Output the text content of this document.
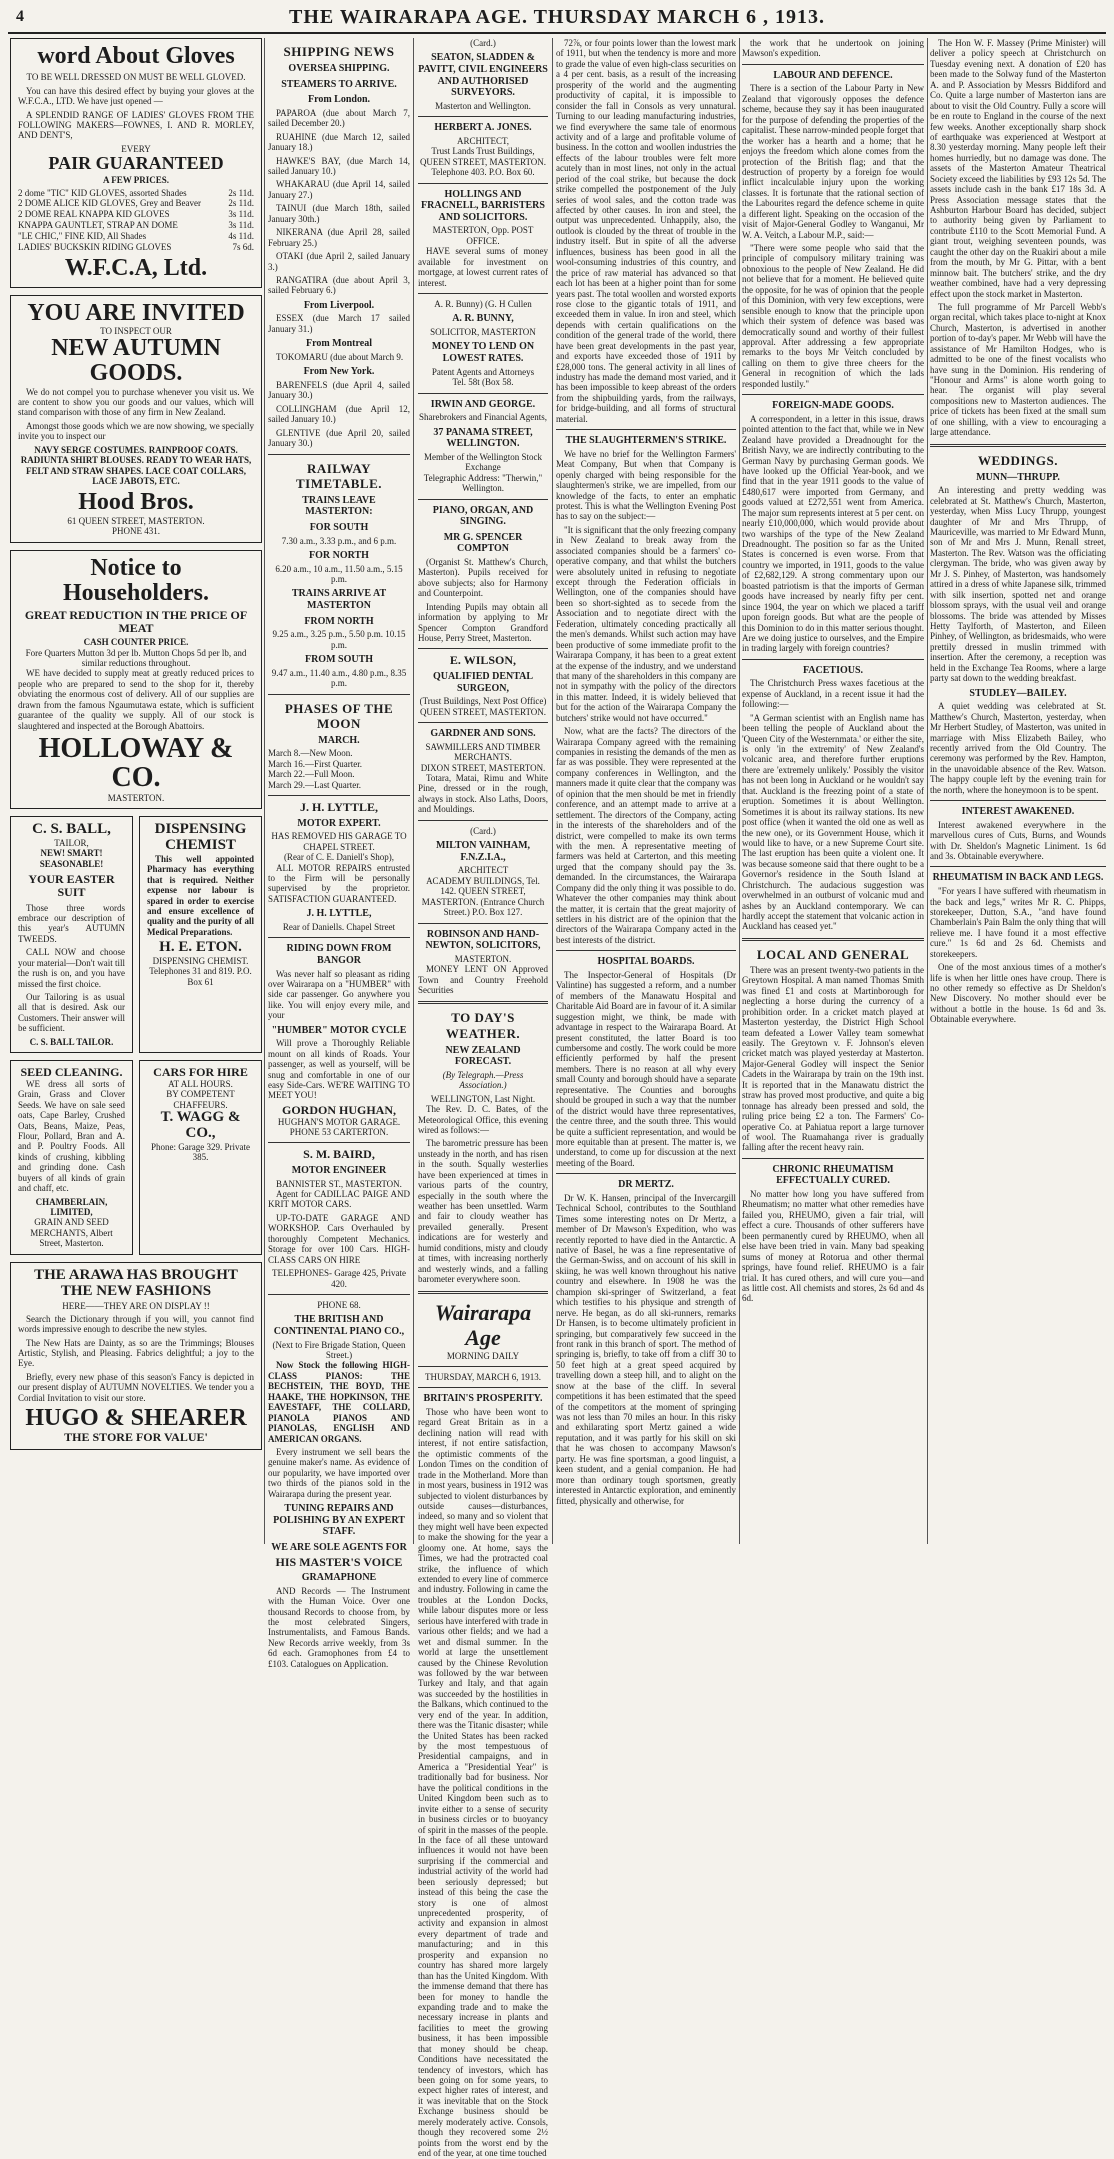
4	THE WAIRARAPA AGE. THURSDAY MARCH 6 , 1913.
word About Gloves
TO BE WELL DRESSED ON MUST BE WELL GLOVED.

You can have this desired effect by buying your gloves at the W.F.C.A., LTD. We have just opened —

A SPLENDID RANGE OF LADIES' GLOVES FROM THE FOLLOWING MAKERS—FOWNES, I. AND R. MORLEY, AND DENT'S,

EVERY
PAIR GUARANTEED
A FEW PRICES.
2 dome "TIC" KID GLOVES, assorted Shades	2s 11d.
2 DOME ALICE KID GLOVES, Grey and Beaver	2s 11d.
2 DOME REAL KNAPPA KID GLOVES	3s 11d.
KNAPPA GAUNTLET, STRAP AN DOME	3s 11d.
"LE CHIC," FINE KID, All Shades	4s 11d.
LADIES' BUCKSKIN RIDING GLOVES	7s 6d.
W.F.C.A, Ltd.
YOU ARE INVITED
TO INSPECT OUR
NEW AUTUMN GOODS.

We do not compel you to purchase whenever you visit us. We are content to show you our goods and our values, which will stand comparison with those of any firm in New Zealand.

Amongst those goods which we are now showing, we specially invite you to inspect our

NAVY SERGE COSTUMES. RAINPROOF COATS. RADIUNTA SHIRT BLOUSES. READY TO WEAR HATS, FELT AND STRAW SHAPES. LACE COAT COLLARS, LACE JABOTS, ETC.
Hood Bros.
61 QUEEN STREET, MASTERTON.
PHONE 431.
Notice to Householders.
GREAT REDUCTION IN THE PRICE OF MEAT
CASH COUNTER PRICE.
Fore Quarters Mutton 3d per lb. Mutton Chops 5d per lb, and similar reductions throughout.

WE have decided to supply meat at greatly reduced prices to people who are prepared to send to the shop for it, thereby obviating the enormous cost of delivery. All of our supplies are drawn from the famous Ngaumutawa estate, which is sufficient guarantee of the quality we supply. All of our stock is slaughtered and inspected at the Borough Abattoirs.

HOLLOWAY & CO.
MASTERTON.
C. S. BALL,
TAILOR,
NEW! SMART! SEASONABLE!
YOUR EASTER SUIT

Those three words embrace our description of this year's AUTUMN TWEEDS.

CALL NOW and choose your material—Don't wait till the rush is on, and you have missed the first choice.

Our Tailoring is as usual all that is desired. Ask our Customers. Their answer will be sufficient.

C. S. BALL TAILOR.
DISPENSING CHEMIST

This well appointed Pharmacy has everything that is required. Neither expense nor labour is spared in order to exercise and ensure excellence of quality and the purity of all Medical Preparations.

H. E. ETON.
DISPENSING CHEMIST.
Telephones 31 and 819. P.O. Box 61
SEED CLEANING.

WE dress all sorts of Grain, Grass and Clover Seeds. We have on sale seed oats, Cape Barley, Crushed Oats, Beans, Maize, Peas, Flour, Pollard, Bran and A. and P. Poultry Foods. All kinds of crushing, kibbling and grinding done. Cash buyers of all kinds of grain and chaff, etc.

CHAMBERLAIN, LIMITED,
GRAIN AND SEED MERCHANTS, Albert Street, Masterton.
CARS FOR HIRE
AT ALL HOURS.
BY COMPETENT CHAFFEURS.
T. WAGG & CO.,
Phone: Garage 329. Private 385.
THE ARAWA HAS BROUGHT
THE NEW FASHIONS
HERE——THEY ARE ON DISPLAY !!

Search the Dictionary through if you will, you cannot find words impressive enough to describe the new styles.

The New Hats are Dainty, as so are the Trimmings; Blouses Artistic, Stylish, and Pleasing. Fabrics delightful; a joy to the Eye.

Briefly, every new phase of this season's Fancy is depicted in our present display of AUTUMN NOVELTIES. We tender you a Cordial Invitation to visit our store.

HUGO & SHEARER
THE STORE FOR VALUE'
SHIPPING NEWS
OVERSEA SHIPPING.
STEAMERS TO ARRIVE.
From London.

PAPAROA (due about March 7, sailed December 20.)

RUAHINE (due March 12, sailed January 18.)

HAWKE'S BAY, (due March 14, sailed January 10.)

WHAKARAU (due April 14, sailed January 27.)

TAINUI (due March 18th, sailed January 30th.)

NIKERANA (due April 28, sailed February 25.)

OTAKI (due April 2, sailed January 3.)

RANGATIRA (due about April 3, sailed February 6.)

From Liverpool.

ESSEX (due March 17 sailed January 31.)

From Montreal

TOKOMARU (due about March 9.

From New York.

BARENFELS (due April 4, sailed January 30.)

COLLINGHAM (due April 12, sailed January 10.)

GLENTIVE (due April 20, sailed January 30.)

RAILWAY TIMETABLE.
TRAINS LEAVE MASTERTON:
FOR SOUTH
7.30 a.m., 3.33 p.m., and 6 p.m.
FOR NORTH
6.20 a.m., 10 a.m., 11.50 a.m., 5.15 p.m.
TRAINS ARRIVE AT MASTERTON
FROM NORTH
9.25 a.m., 3.25 p.m., 5.50 p.m. 10.15 p.m.
FROM SOUTH
9.47 a.m., 11.40 a.m., 4.80 p.m., 8.35 p.m.
PHASES OF THE MOON
MARCH.
March 8.—New Moon.
March 16.—First Quarter.
March 22.—Full Moon.
March 29.—Last Quarter.
J. H. LYTTLE,
MOTOR EXPERT.
HAS REMOVED HIS GARAGE TO CHAPEL STREET.
(Rear of C. E. Daniell's Shop),

ALL MOTOR REPAIRS entrusted to the Firm will be personally supervised by the proprietor. SATISFACTION GUARANTEED.

J. H. LYTTLE,
Rear of Daniells. Chapel Street
RIDING DOWN FROM BANGOR

Was never half so pleasant as riding over Wairarapa on a "HUMBER" with side car passenger. Go anywhere you like. You will enjoy every mile, and your

"HUMBER" MOTOR CYCLE

Will prove a Thoroughly Reliable mount on all kinds of Roads. Your passenger, as well as yourself, will be snug and comfortable in one of our easy Side-Cars. WE'RE WAITING TO MEET YOU!

GORDON HUGHAN,
HUGHAN'S MOTOR GARAGE.
PHONE 53 CARTERTON.
S. M. BAIRD,
MOTOR ENGINEER
BANNISTER ST., MASTERTON.

Agent for CADILLAC PAIGE AND KRIT MOTOR CARS.

UP-TO-DATE GARAGE AND WORKSHOP. Cars Overhauled by thoroughly Competent Mechanics. Storage for over 100 Cars. HIGH-CLASS CARS ON HIRE

TELEPHONES- Garage 425, Private 420.
PHONE 68.
THE BRITISH AND CONTINENTAL PIANO CO.,
(Next to Fire Brigade Station, Queen Street.)

Now Stock the following HIGH-CLASS PIANOS: THE BECHSTEIN, THE BOYD, THE HAAKE, THE HOPKINSON, THE EAVESTAFF, THE COLLARD, PIANOLA PIANOS AND PIANOLAS, ENGLISH AND AMERICAN ORGANS.

Every instrument we sell bears the genuine maker's name. As evidence of our popularity, we have imported over two thirds of the pianos sold in the Wairarapa during the present year.

TUNING REPAIRS AND POLISHING BY AN EXPERT STAFF.
WE ARE SOLE AGENTS FOR
HIS MASTER'S VOICE
GRAMAPHONE

AND Records — The Instrument with the Human Voice. Over one thousand Records to choose from, by the most celebrated Singers, Instrumentalists, and Famous Bands. New Records arrive weekly, from 3s 6d each. Gramophones from £4 to £103. Catalogues on Application.

(Card.)
SEATON, SLADDEN & PAVITT, CIVIL ENGINEERS AND AUTHORISED SURVEYORS.
Masterton and Wellington.
HERBERT A. JONES.
ARCHITECT,
Trust Lands Trust Buildings, QUEEN STREET, MASTERTON.
Telephone 403. P.O. Box 60.
HOLLINGS AND FRACNELL, BARRISTERS AND SOLICITORS.
MASTERTON, Opp. POST OFFICE.

HAVE several sums of money available for investment on mortgage, at lowest current rates of interest.

A. R. Bunny) (G. H Cullen
A. R. BUNNY,
SOLICITOR, MASTERTON
MONEY TO LEND ON LOWEST RATES.
Patent Agents and Attorneys
Tel. 58t (Box 58.
IRWIN AND GEORGE.
Sharebrokers and Financial Agents,
37 PANAMA STREET, WELLINGTON.
Member of the Wellington Stock Exchange
Telegraphic Address: "Therwin," Wellington.
PIANO, ORGAN, AND SINGING.
MR G. SPENCER COMPTON

(Organist St. Matthew's Church, Masterton). Pupils received for above subjects; also for Harmony and Counterpoint.

Intending Pupils may obtain all information by applying to Mr Spencer Compton Grandford House, Perry Street, Masterton.

E. WILSON,
QUALIFIED DENTAL SURGEON,
(Trust Buildings, Next Post Office) QUEEN STREET, MASTERTON.
GARDNER AND SONS.
SAWMILLERS AND TIMBER MERCHANTS.
DIXON STREET, MASTERTON.

Totara, Matai, Rimu and White Pine, dressed or in the rough, always in stock. Also Laths, Doors, and Mouldings.

(Card.)
MILTON VAINHAM, F.N.Z.I.A.,
ARCHITECT
ACADEMY BUILDINGS, Tel. 142. QUEEN STREET, MASTERTON. (Entrance Church Street.) P.O. Box 127.
ROBINSON AND HAND-NEWTON, SOLICITORS,
MASTERTON.

MONEY LENT ON Approved Town and Country Freehold Securities

TO DAY'S WEATHER.
NEW ZEALAND FORECAST.
(By Telegraph.—Press Association.)
WELLINGTON, Last Night.

The Rev. D. C. Bates, of the Meteorological Office, this evening wired as follows:—

The barometric pressure has been unsteady in the north, and has risen in the south. Squally westerlies have been experienced at times in various parts of the country, especially in the south where the weather has been unsettled. Warm and fair to cloudy weather has prevailed generally. Present indications are for westerly and humid conditions, misty and cloudy at times, with increasing northerly and westerly winds, and a falling barometer everywhere soon.

Wairarapa Age
MORNING DAILY
THURSDAY, MARCH 6, 1913.
BRITAIN'S PROSPERITY.

Those who have been wont to regard Great Britain as in a declining nation will read with interest, if not entire satisfaction, the optimistic comments of the London Times on the condition of trade in the Motherland. More than in most years, business in 1912 was subjected to violent disturbances by outside causes—disturbances, indeed, so many and so violent that they might well have been expected to make the showing for the year a gloomy one. At home, says the Times, we had the protracted coal strike, the influence of which extended to every line of commerce and industry. Following in came the troubles at the London Docks, while labour disputes more or less serious have interfered with trade in various other fields; and we had a wet and dismal summer. In the world at large the unsettlement caused by the Chinese Revolution was followed by the war between Turkey and Italy, and that again was succeeded by the hostilities in the Balkans, which continued to the very end of the year. In addition, there was the Titanic disaster; while the United States has been racked by the most tempestuous of Presidential campaigns, and in America a "Presidential Year" is traditionally bad for business. Nor have the political conditions in the United Kingdom been such as to invite either to a sense of security in business circles or to buoyancy of spirit in the masses of the people. In the face of all these untoward influences it would not have been surprising if the commercial and industrial activity of the world had been seriously depressed; but instead of this being the case the story is one of almost unprecedented prosperity, of activity and expansion in almost every department of trade and manufacturing; and in this prosperity and expansion no country has shared more largely than has the United Kingdom. With the immense demand that there has been for money to handle the expanding trade and to make the necessary increase in plants and facilities to meet the growing business, it has been impossible that money should be cheap. Conditions have necessitated the tendency of investors, which has been going on for some years, to expect higher rates of interest, and it was inevitable that on the Stock Exchange business should be merely moderately active. Consols, though they recovered some 2½ points from the worst end by the end of the year, at one time touched

72⅞, or four points lower than the lowest mark of 1911, but when the tendency is more and more to grade the value of even high-class securities on a 4 per cent. basis, as a result of the increasing prosperity of the world and the augmenting productivity of capital, it is impossible to consider the fall in Consols as very unnatural. Turning to our leading manufacturing industries, we find everywhere the same tale of enormous activity and of a large and profitable volume of business. In the cotton and woollen industries the effects of the labour troubles were felt more acutely than in most lines, not only in the actual period of the coal strike, but because the dock strike compelled the postponement of the July series of wool sales, and the cotton trade was affected by other causes. In iron and steel, the output was unprecedented. Unhappily, also, the outlook is clouded by the threat of trouble in the industry itself. But in spite of all the adverse influences, business has been good in all the wool-consuming industries of this country, and the price of raw material has advanced so that each lot has been at a higher point than for some years past. The total woollen and worsted exports rose close to the gigantic totals of 1911, and exceeded them in value. In iron and steel, which depends with certain qualifications on the condition of the general trade of the world, there have been great developments in the past year, and exports have exceeded those of 1911 by £28,000 tons. The general activity in all lines of industry has made the demand most varied, and it has been impossible to keep abreast of the orders from the shipbuilding yards, from the railways, for bridge-building, and all forms of structural material.

THE SLAUGHTERMEN'S STRIKE.

We have no brief for the Wellington Farmers' Meat Company, But when that Company is openly charged with being responsible for the slaughtermen's strike, we are impelled, from our knowledge of the facts, to enter an emphatic protest. This is what the Wellington Evening Post has to say on the subject:—

"It is significant that the only freezing company in New Zealand to break away from the associated companies should be a farmers' co-operative company, and that whilst the butchers were absolutely united in refusing to negotiate except through the Federation officials in Wellington, one of the companies should have been so short-sighted as to secede from the Association and to negotiate direct with the Federation, ultimately conceding practically all the men's demands. Whilst such action may have been productive of some immediate profit to the Wairarapa Company, it has been to a great extent at the expense of the industry, and we understand that many of the shareholders in this company are not in sympathy with the policy of the directors in this matter. Indeed, it is widely believed that but for the action of the Wairarapa Company the butchers' strike would not have occurred."

Now, what are the facts? The directors of the Wairarapa Company agreed with the remaining companies in resisting the demands of the men as far as was possible. They were represented at the company conferences in Wellington, and the manners made it quite clear that the company was of opinion that the men should be met in friendly conference, and an attempt made to arrive at a settlement. The directors of the Company, acting in the interests of the shareholders and of the district, were compelled to make its own terms with the men. A representative meeting of farmers was held at Carterton, and this meeting urged that the company should pay the 3s. demanded. In the circumstances, the Wairarapa Company did the only thing it was possible to do. Whatever the other companies may think about the matter, it is certain that the great majority of settlers in his district are of the opinion that the directors of the Wairarapa Company acted in the best interests of the district.

HOSPITAL BOARDS.

The Inspector-General of Hospitals (Dr Valintine) has suggested a reform, and a number of members of the Manawatu Hospital and Charitable Aid Board are in favour of it. A similar suggestion might, we think, be made with advantage in respect to the Wairarapa Board. At present constituted, the latter Board is too cumbersome and costly. The work could be more efficiently performed by half the present members. There is no reason at all why every small County and borough should have a separate representative. The Counties and boroughs should be grouped in such a way that the number of the district would have three representatives, the centre three, and the south three. This would be quite a sufficient representation, and would be more equitable than at present. The matter is, we understand, to come up for discussion at the next meeting of the Board.

DR MERTZ.

Dr W. K. Hansen, principal of the Invercargill Technical School, contributes to the Southland Times some interesting notes on Dr Mertz, a member of Dr Mawson's Expedition, who was recently reported to have died in the Antarctic. A native of Basel, he was a fine representative of the German-Swiss, and on account of his skill in skiing, he was well known throughout his native country and elsewhere. In 1908 he was the champion ski-springer of Switzerland, a feat which testifies to his physique and strength of nerve. He began, as do all ski-runners, remarks Dr Hansen, is to become ultimately proficient in springing, but comparatively few succeed in the front rank in this branch of sport. The method of springing is, briefly, to take off from a cliff 30 to 50 feet high at a great speed acquired by travelling down a steep hill, and to alight on the snow at the base of the cliff. In several competitions it has been estimated that the speed of the competitors at the moment of springing was not less than 70 miles an hour. In this risky and exhilarating sport Mertz gained a wide reputation, and it was partly for his skill on ski that he was chosen to accompany Mawson's party. He was fine sportsman, a good linguist, a keen student, and a genial companion. He had more than ordinary tough sportsmen, greatly interested in Antarctic exploration, and eminently fitted, physically and otherwise, for

the work that he undertook on joining Mawson's expedition.

LABOUR AND DEFENCE.

There is a section of the Labour Party in New Zealand that vigorously opposes the defence scheme, because they say it has been inaugurated for the purpose of defending the properties of the capitalist. These narrow-minded people forget that the worker has a hearth and a home; that he enjoys the freedom which alone comes from the protection of the British flag; and that the destruction of property by a foreign foe would inflict incalculable injury upon the working classes. It is fortunate that the rational section of the Labourites regard the defence scheme in quite a different light. Speaking on the occasion of the visit of Major-General Godley to Wanganui, Mr W. A. Veitch, a Labour M.P., said:—

"There were some people who said that the principle of compulsory military training was obnoxious to the people of New Zealand. He did not believe that for a moment. He believed quite the opposite, for he was of opinion that the people of this Dominion, with very few exceptions, were sensible enough to know that the principle upon which their system of defence was based was democratically sound and worthy of their fullest approval. After addressing a few appropriate remarks to the boys Mr Veitch concluded by calling on them to give three cheers for the General in recognition of which the lads responded lustily."

FOREIGN-MADE GOODS.

A correspondent, in a letter in this issue, draws pointed attention to the fact that, while we in New Zealand have provided a Dreadnought for the British Navy, we are indirectly contributing to the German Navy by purchasing German goods. We have looked up the Official Year-book, and we find that in the year 1911 goods to the value of £480,617 were imported from Germany, and goods valued at £272,551 went from America. The major sum represents interest at 5 per cent. on nearly £10,000,000, which would provide about two warships of the type of the New Zealand Dreadnought. The position so far as the United States is concerned is even worse. From that country we imported, in 1911, goods to the value of £2,682,129. A strong commentary upon our boasted patriotism is that the imports of German goods have increased by nearly fifty per cent. since 1904, the year on which we placed a tariff upon foreign goods. But what are the people of this Dominion to do in this matter serious thought. Are we doing justice to ourselves, and the Empire in trading largely with foreign countries?

FACETIOUS.

The Christchurch Press waxes facetious at the expense of Auckland, in a recent issue it had the following:—

"A German scientist with an English name has been telling the people of Auckland about the 'Queen City of the Westernmata.' or either the site, is only 'in the extremity' of New Zealand's volcanic area, and therefore further eruptions there are 'extremely unlikely.' Possibly the visitor has not been long in Auckland or he wouldn't say that. Auckland is the freezing point of a state of eruption. Sometimes it is about Wellington. Sometimes it is about its railway stations. Its new post office (when it wanted the old one as well as the new one), or its Government House, which it would like to have, or a new Supreme Court site. The last eruption has been quite a violent one. It was because someone said that there ought to be a Governor's residence in the South Island at Christchurch. The audacious suggestion was overwhelmed in an outburst of volcanic mud and ashes by an Auckland contemporary. We can hardly accept the statement that volcanic action in Auckland has ceased yet."

LOCAL AND GENERAL

There was an present twenty-two patients in the Greytown Hospital. A man named Thomas Smith was fined £1 and costs at Martinborough for neglecting a horse during the currency of a prohibition order. In a cricket match played at Masterton yesterday, the District High School team defeated a Lower Valley team somewhat easily. The Greytown v. F. Johnson's eleven cricket match was played yesterday at Masterton. Major-General Godley will inspect the Senior Cadets in the Wairarapa by train on the 19th inst. It is reported that in the Manawatu district the straw has proved most productive, and quite a big tonnage has already been pressed and sold, the ruling price being £2 a ton. The Farmers' Co-operative Co. at Pahiatua report a large turnover of wool. The Ruamahanga river is gradually falling after the recent heavy rain.

CHRONIC RHEUMATISM EFFECTUALLY CURED.

No matter how long you have suffered from Rheumatism; no matter what other remedies have failed you, RHEUMO, given a fair trial, will effect a cure. Thousands of other sufferers have been permanently cured by RHEUMO, when all else have been tried in vain. Many bad speaking sums of money at Rotorua and other thermal springs, have found relief. RHEUMO is a fair trial. It has cured others, and will cure you—and as little cost. All chemists and stores, 2s 6d and 4s 6d.

The Hon W. F. Massey (Prime Minister) will deliver a policy speech at Christchurch on Tuesday evening next. A donation of £20 has been made to the Solway fund of the Masterton A. and P. Association by Messrs Biddiford and Co. Quite a large number of Masterton ians are about to visit the Old Country. Fully a score will be en route to England in the course of the next few weeks. Another exceptionally sharp shock of earthquake was experienced at Westport at 8.30 yesterday morning. Many people left their homes hurriedly, but no damage was done. The assets of the Masterton Amateur Theatrical Society exceed the liabilities by £93 12s 5d. The assets include cash in the bank £17 18s 3d. A Press Association message states that the Ashburton Harbour Board has decided, subject to authority being given by Parliament to contribute £110 to the Scott Memorial Fund. A giant trout, weighing seventeen pounds, was caught the other day on the Ruakiri about a mile from the mouth, by Mr G. Pittar, with a bent minnow bait. The butchers' strike, and the dry weather combined, have had a very depressing effect upon the stock market in Masterton.

The full programme of Mr Parcell Webb's organ recital, which takes place to-night at Knox Church, Masterton, is advertised in another portion of to-day's paper. Mr Webb will have the assistance of Mr Hamilton Hodges, who is admitted to be one of the finest vocalists who have sung in the Dominion. His rendering of "Honour and Arms" is alone worth going to hear. The organist will play several compositions new to Masterton audiences. The price of tickets has been fixed at the small sum of one shilling, with a view to encouraging a large attendance.

WEDDINGS.
MUNN—THRUPP.

An interesting and pretty wedding was celebrated at St. Matthew's Church, Masterton, yesterday, when Miss Lucy Thrupp, youngest daughter of Mr and Mrs Thrupp, of Mauriceville, was married to Mr Edward Munn, son of Mr and Mrs J. Munn, Renall street, Masterton. The Rev. Watson was the officiating clergyman. The bride, who was given away by Mr J. S. Pinhey, of Masterton, was handsomely attired in a dress of white Japanese silk, trimmed with silk insertion, spotted net and orange blossom sprays, with the usual veil and orange blossoms. The bride was attended by Misses Hetty Taylforth, of Masterton, and Eileen Pinhey, of Wellington, as bridesmaids, who were prettily dressed in muslin trimmed with insertion. After the ceremony, a reception was held in the Exchange Tea Rooms, where a large party sat down to the wedding breakfast.

STUDLEY—BAILEY.

A quiet wedding was celebrated at St. Matthew's Church, Masterton, yesterday, when Mr Herbert Studley, of Masterton, was united in marriage with Miss Elizabeth Bailey, who recently arrived from the Old Country. The ceremony was performed by the Rev. Hampton, in the unavoidable absence of the Rev. Watson. The happy couple left by the evening train for the north, where the honeymoon is to be spent.

INTEREST AWAKENED.

Interest awakened everywhere in the marvellous cures of Cuts, Burns, and Wounds with Dr. Sheldon's Magnetic Liniment. 1s 6d and 3s. Obtainable everywhere.

RHEUMATISM IN BACK AND LEGS.

"For years I have suffered with rheumatism in the back and legs," writes Mr R. C. Phipps, storekeeper, Dutton, S.A., "and have found Chamberlain's Pain Balm the only thing that will relieve me. I have found it a most effective cure." 1s 6d and 2s 6d. Chemists and storekeepers.

One of the most anxious times of a mother's life is when her little ones have croup. There is no other remedy so effective as Dr Sheldon's New Discovery. No mother should ever be without a bottle in the house. 1s 6d and 3s. Obtainable everywhere.
